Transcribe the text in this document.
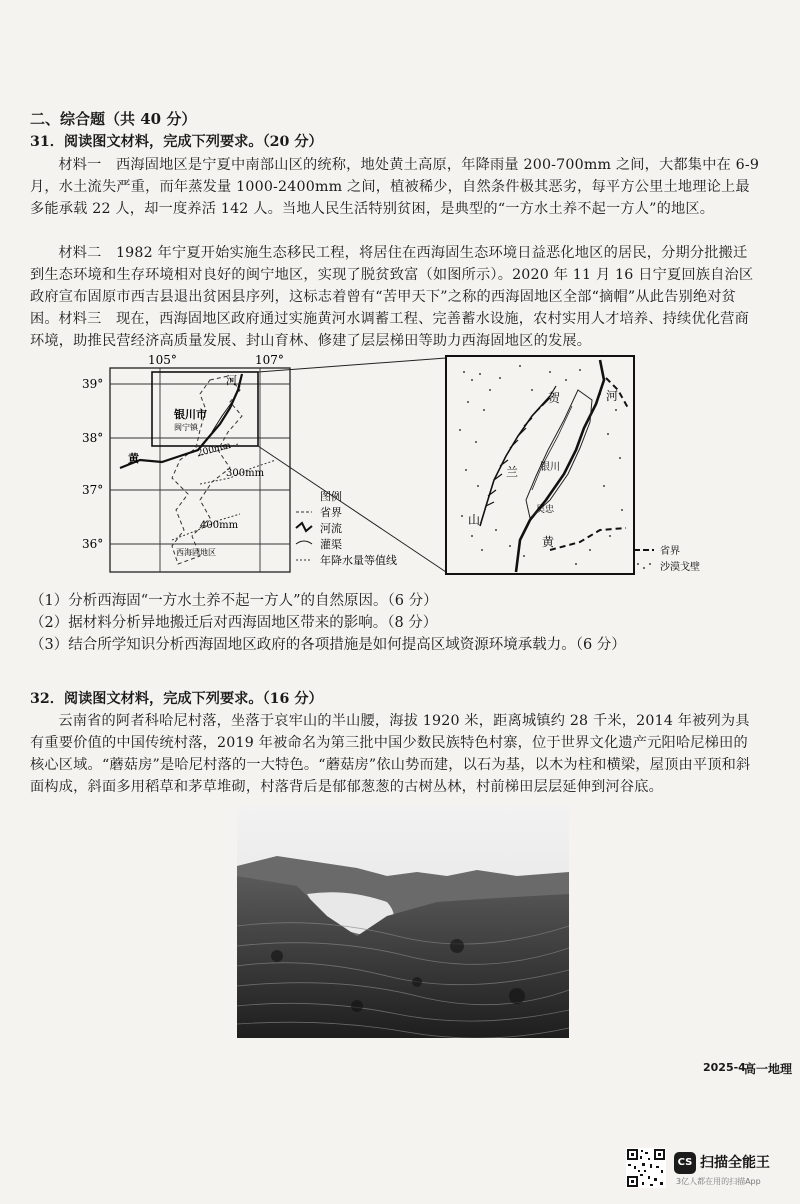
二、综合题（共 40 分）
31．阅读图文材料，完成下列要求。（20 分）
材料一　西海固地区是宁夏中南部山区的统称，地处黄土高原，年降雨量 200-700mm 之间，大都集中在 6-9 月，水土流失严重，而年蒸发量 1000-2400mm 之间，植被稀少，自然条件极其恶劣，每平方公里土地理论上最多能承载 22 人，却一度养活 142 人。当地人民生活特别贫困，是典型的“一方水土养不起一方人”的地区。
材料二　1982 年宁夏开始实施生态移民工程，将居住在西海固生态环境日益恶化地区的居民，分期分批搬迁到生态环境和生存环境相对良好的闽宁地区，实现了脱贫致富（如图所示）。2020 年 11 月 16 日宁夏回族自治区政府宣布固原市西吉县退出贫困县序列，这标志着曾有“苦甲天下”之称的西海固地区全部“摘帽”从此告别绝对贫困。 材料三　现在，西海固地区政府通过实施黄河水调蓄工程、完善蓄水设施，农村实用人才培养、持续优化营商环境，助推民营经济高质量发展、封山育林、修建了层层梯田等助力西海固地区的发展。
105°	107°
39°
38°
37°
36°
河
银川市
闽宁镇
黄
300mm
200mm
400mm
西海固地区
图例
省界
河流
灌渠
年降水量等值线
贺
兰
山
河
银川
吴忠
黄
省界
沙漠戈壁
（1）分析西海固“一方水土养不起一方人”的自然原因。（6 分）
（2）据材料分析异地搬迁后对西海固地区带来的影响。（8 分）
（3）结合所学知识分析西海固地区政府的各项措施是如何提高区域资源环境承载力。（6 分）
32．阅读图文材料，完成下列要求。（16 分）
云南省的阿者科哈尼村落，坐落于哀牢山的半山腰，海拔 1920 米，距离城镇约 28 千米，2014 年被列为具有重要价值的中国传统村落，2019 年被命名为第三批中国少数民族特色村寨，位于世界文化遗产元阳哈尼梯田的核心区域。“蘑菇房”是哈尼村落的一大特色。“蘑菇房”依山势而建，以石为基，以木为柱和横梁，屋顶由平顶和斜面构成，斜面多用稻草和茅草堆砌，村落背后是郁郁葱葱的古树丛林，村前梯田层层延伸到河谷底。
2025-4
高一地理
CS 扫描全能王
3亿人都在用的扫描App
